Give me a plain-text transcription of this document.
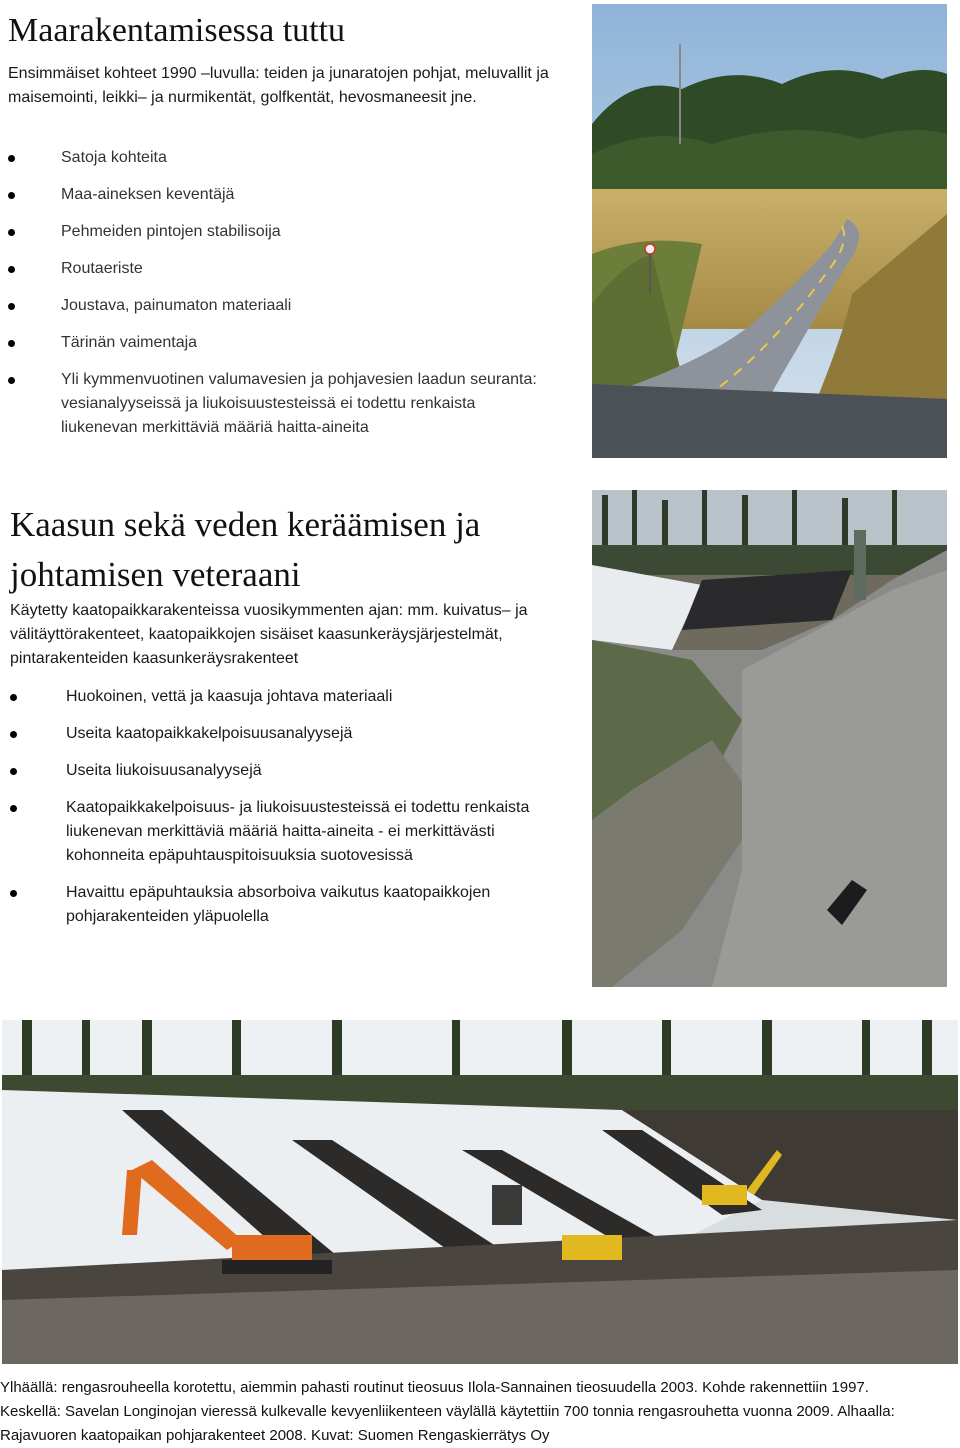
Maarakentamisessa tuttu

Ensimmäiset kohteet 1990 –luvulla: teiden ja junaratojen pohjat, meluvallit ja maisemointi, leikki– ja nurmikentät, golfkentät, hevosmaneesit jne.

Satoja kohteita
Maa-aineksen keventäjä
Pehmeiden pintojen stabilisoija
Routaeriste
Joustava, painumaton materiaali
Tärinän vaimentaja
Yli kymmenvuotinen valumavesien ja pohjavesien laadun seuranta: vesianalyyseissä ja liukoisuustesteissä ei todettu renkaista liukenevan merkittäviä määriä haitta-aineita
Kaasun sekä veden keräämisen ja johtamisen veteraani

Käytetty kaatopaikkarakenteissa vuosikymmenten ajan: mm. kuivatus– ja välitäyttörakenteet, kaatopaikkojen sisäiset kaasunkeräysjärjestelmät, pintarakenteiden kaasunkeräysrakenteet

Huokoinen, vettä ja kaasuja johtava materiaali
Useita kaatopaikkakelpoisuusanalyysejä
Useita liukoisuusanalyysejä
Kaatopaikkakelpoisuus- ja liukoisuustesteissä ei todettu renkaista liukenevan merkittäviä määriä haitta-aineita - ei merkittävästi kohonneita epäpuhtauspitoisuuksia suotovesissä
Havaittu epäpuhtauksia absorboiva vaikutus kaatopaikkojen pohjarakenteiden yläpuolella

Ylhäällä: rengasrouheella korotettu, aiemmin pahasti routinut tieosuus Ilola-Sannainen tieosuudella 2003. Kohde rakennettiin 1997.
Keskellä: Savelan Longinojan vieressä kulkevalle kevyenliikenteen väylällä käytettiin 700 tonnia rengasrouhetta vuonna 2009. Alhaalla: Rajavuoren kaatopaikan pohjarakenteet 2008. Kuvat: Suomen Rengaskierrätys Oy
